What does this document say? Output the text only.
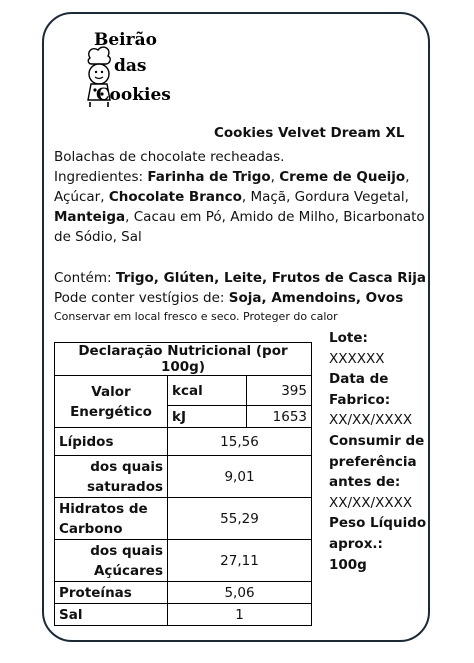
Beirão
das
Cookies
Cookies Velvet Dream XL
Bolachas de chocolate recheadas.
Ingredientes: Farinha de Trigo, Creme de Queijo, Açúcar, Chocolate Branco, Maçã, Gordura Vegetal, Manteiga, Cacau em Pó, Amido de Milho, Bicarbonato de Sódio, Sal
Contém: Trigo, Glúten, Leite, Frutos de Casca Rija
Pode conter vestígios de: Soja, Amendoins, Ovos
Conservar em local fresco e seco. Proteger do calor
Declaração Nutricional (por 100g)		
Valor Energético	kcal	395
	kJ	1653
Lípidos	15,56	
dos quais saturados	9,01	
Hidratos de Carbono	55,29	
dos quais Açúcares	27,11	
Proteínas	5,06	
Sal	1	
Lote:
XXXXXX
Data de Fabrico:
XX/XX/XXXX
Consumir de preferência antes de:
XX/XX/XXXX
Peso Líquido aprox.:
100g
